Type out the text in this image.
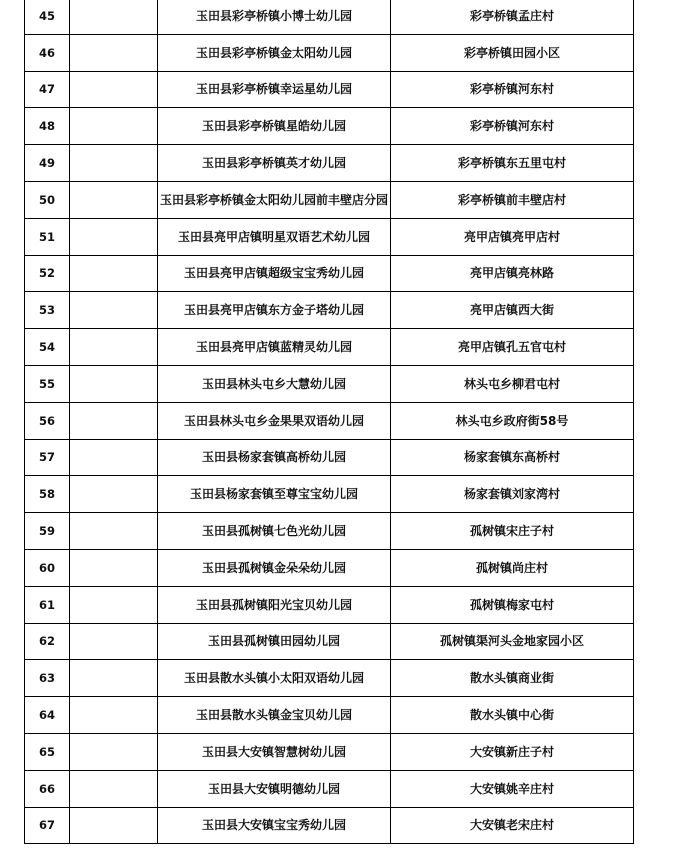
45		玉田县彩亭桥镇小博士幼儿园	彩亭桥镇孟庄村
46		玉田县彩亭桥镇金太阳幼儿园	彩亭桥镇田园小区
47		玉田县彩亭桥镇幸运星幼儿园	彩亭桥镇河东村
48		玉田县彩亭桥镇星皓幼儿园	彩亭桥镇河东村
49		玉田县彩亭桥镇英才幼儿园	彩亭桥镇东五里屯村
50		玉田县彩亭桥镇金太阳幼儿园前丰壁店分园	彩亭桥镇前丰壁店村
51		玉田县亮甲店镇明星双语艺术幼儿园	亮甲店镇亮甲店村
52		玉田县亮甲店镇超级宝宝秀幼儿园	亮甲店镇亮林路
53		玉田县亮甲店镇东方金子塔幼儿园	亮甲店镇西大街
54		玉田县亮甲店镇蓝精灵幼儿园	亮甲店镇孔五官屯村
55		玉田县林头屯乡大慧幼儿园	林头屯乡柳君屯村
56		玉田县林头屯乡金果果双语幼儿园	林头屯乡政府街58号
57		玉田县杨家套镇高桥幼儿园	杨家套镇东高桥村
58		玉田县杨家套镇至尊宝宝幼儿园	杨家套镇刘家湾村
59		玉田县孤树镇七色光幼儿园	孤树镇宋庄子村
60		玉田县孤树镇金朵朵幼儿园	孤树镇尚庄村
61		玉田县孤树镇阳光宝贝幼儿园	孤树镇梅家屯村
62		玉田县孤树镇田园幼儿园	孤树镇渠河头金地家园小区
63		玉田县散水头镇小太阳双语幼儿园	散水头镇商业街
64		玉田县散水头镇金宝贝幼儿园	散水头镇中心街
65		玉田县大安镇智慧树幼儿园	大安镇新庄子村
66		玉田县大安镇明德幼儿园	大安镇姚辛庄村
67		玉田县大安镇宝宝秀幼儿园	大安镇老宋庄村
